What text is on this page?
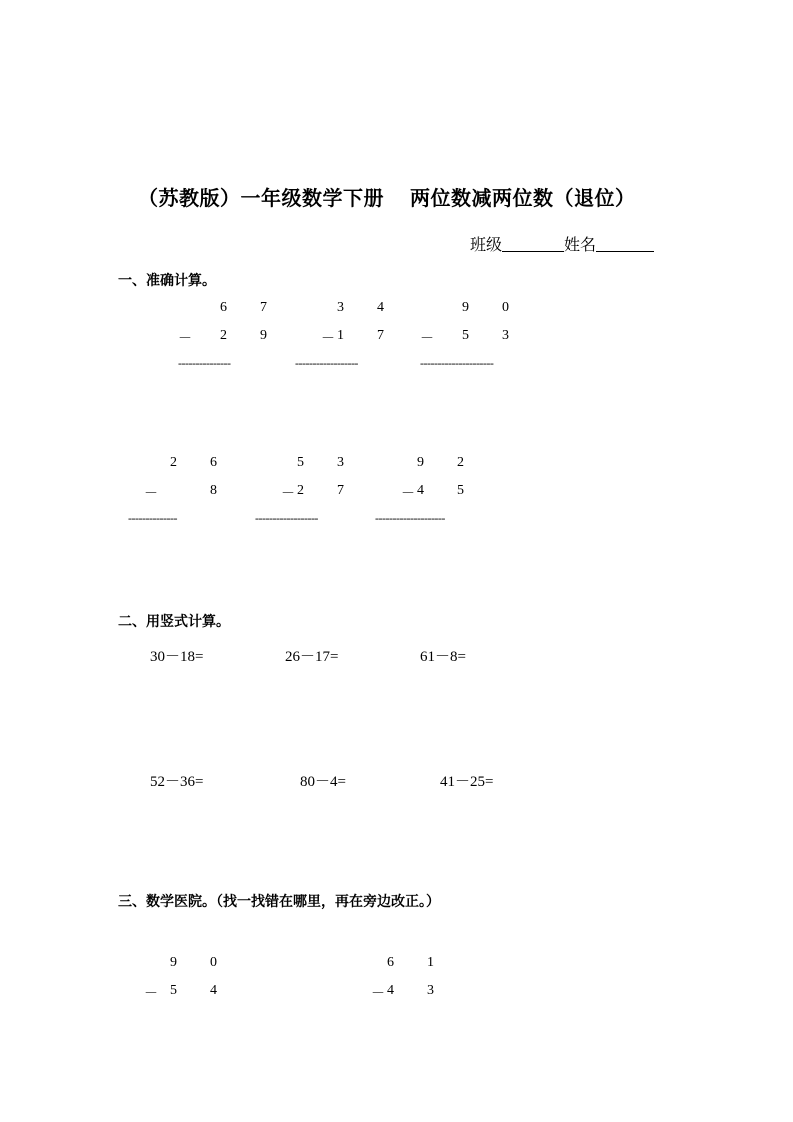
（苏教版）一年级数学下册 两位数减两位数（退位）
班级	姓名
一、准确计算。
6 7
－ 2 9
---------------
3 4
－ 1 7
------------------
9 0
－ 5 3
---------------------
2 6
－	8
--------------
5 3
－ 2 7
------------------
9 2
－ 4 5
--------------------
二、用竖式计算。
30－18=	26－17=	61－8=
52－36=	80－4=	41－25=
三、数学医院。（找一找错在哪里，再在旁边改正。）
9 0
－ 5 4
6 1
－ 4 3
